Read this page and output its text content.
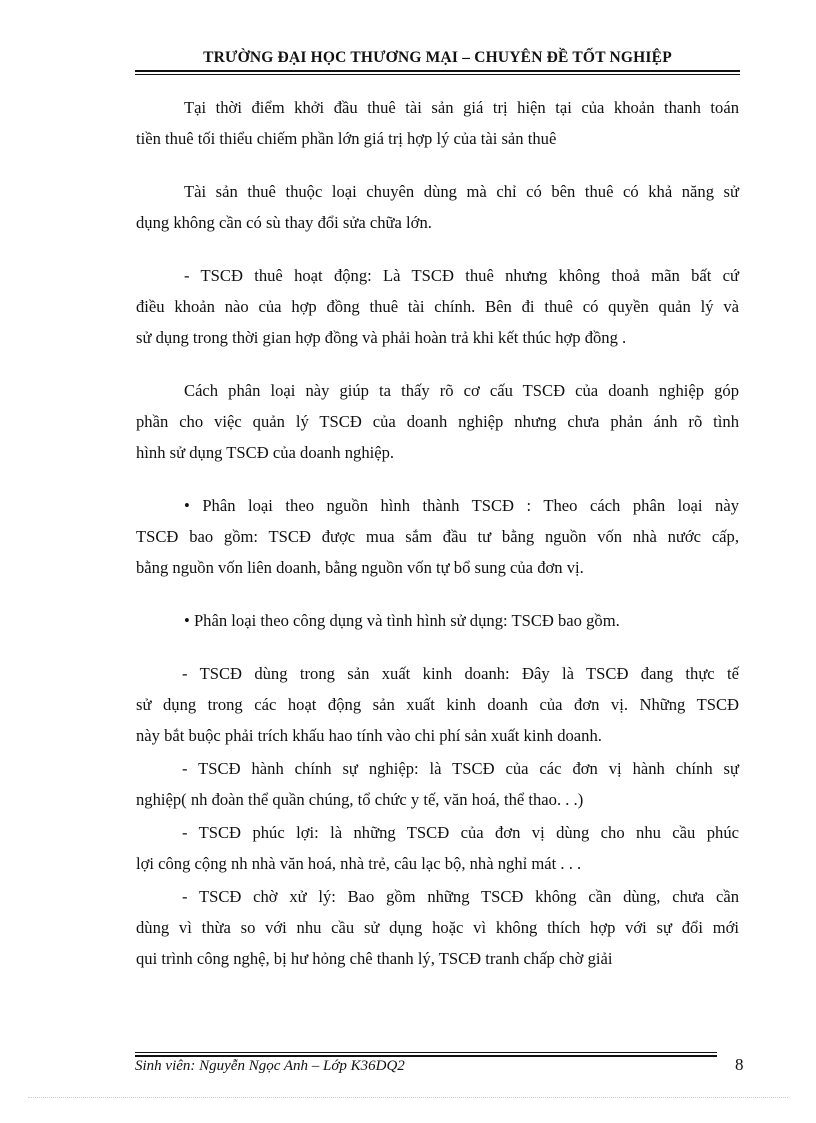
TRƯỜNG ĐẠI HỌC THƯƠNG MẠI – CHUYÊN ĐỀ TỐT NGHIỆP

Tại thời điểm khởi đầu thuê tài sản giá trị hiện tại của khoản thanh toán

tiền thuê tối thiểu chiếm phần lớn giá trị hợp lý của tài sản thuê

Tài sản thuê thuộc loại chuyên dùng mà chỉ có bên thuê có khả năng sử

dụng không cần có sù thay đổi sửa chữa lớn.

- TSCĐ thuê hoạt động: Là TSCĐ thuê nhưng không thoả mãn bất cứ

điều khoản nào của hợp đồng thuê tài chính. Bên đi thuê có quyền quản lý và

sử dụng trong thời gian hợp đồng và phải hoàn trả khi kết thúc hợp đồng .

Cách phân loại này giúp ta thấy rõ cơ cấu TSCĐ của doanh nghiệp góp

phần cho việc quản lý TSCĐ của doanh nghiệp nhưng chưa phản ánh rõ tình

hình sử dụng TSCĐ của doanh nghiệp.

• Phân loại theo nguồn hình thành TSCĐ : Theo cách phân loại này

TSCĐ bao gồm: TSCĐ được mua sắm đầu tư bằng nguồn vốn nhà nước cấp,

bằng nguồn vốn liên doanh, bằng nguồn vốn tự bổ sung của đơn vị.

• Phân loại theo công dụng và tình hình sử dụng: TSCĐ bao gồm.

- TSCĐ dùng trong sản xuất kinh doanh: Đây là TSCĐ đang thực tế

sử dụng trong các hoạt động sản xuất kinh doanh của đơn vị. Những TSCĐ

này bắt buộc phải trích khấu hao tính vào chi phí sản xuất kinh doanh.

- TSCĐ hành chính sự nghiệp: là TSCĐ của các đơn vị hành chính sự

nghiệp( nh đoàn thể quần chúng, tổ chức y tế, văn hoá, thể thao. . .)

- TSCĐ phúc lợi: là những TSCĐ của đơn vị dùng cho nhu cầu phúc

lợi công cộng nh nhà văn hoá, nhà trẻ, câu lạc bộ, nhà nghỉ mát . . .

- TSCĐ chờ xử lý: Bao gồm những TSCĐ không cần dùng, chưa cần

dùng vì thừa so với nhu cầu sử dụng hoặc vì không thích hợp với sự đổi mới

qui trình công nghệ, bị hư hỏng chê thanh lý, TSCĐ tranh chấp chờ giải

Sinh viên: Nguyễn Ngọc Anh – Lớp K36DQ2	8
